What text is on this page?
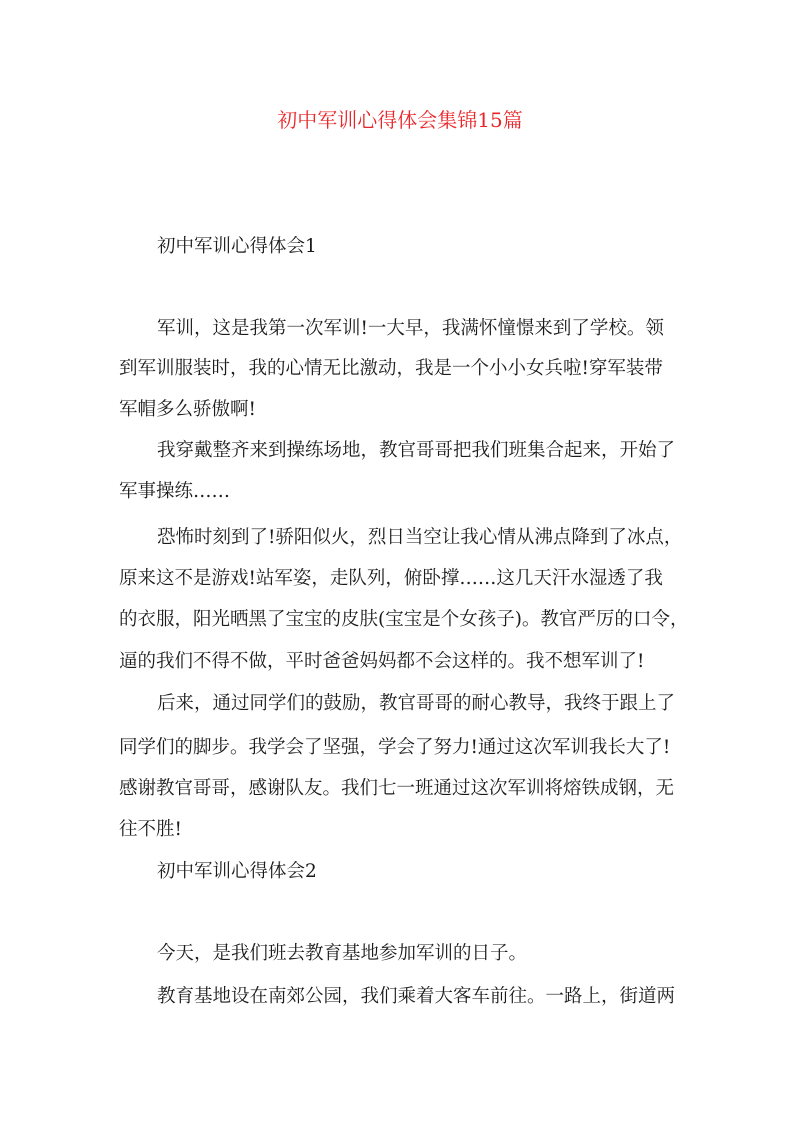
初中军训心得体会集锦15篇

初中军训心得体会1

军训，这是我第一次军训!一大早，我满怀憧憬来到了学校。领

到军训服装时，我的心情无比激动，我是一个小小女兵啦!穿军装带

军帽多么骄傲啊!

我穿戴整齐来到操练场地，教官哥哥把我们班集合起来，开始了

军事操练……

恐怖时刻到了!骄阳似火，烈日当空让我心情从沸点降到了冰点，

原来这不是游戏!站军姿，走队列，俯卧撑……这几天汗水湿透了我

的衣服，阳光晒黑了宝宝的皮肤(宝宝是个女孩子)。教官严厉的口令，

逼的我们不得不做，平时爸爸妈妈都不会这样的。我不想军训了!

后来，通过同学们的鼓励，教官哥哥的耐心教导，我终于跟上了

同学们的脚步。我学会了坚强，学会了努力!通过这次军训我长大了!

感谢教官哥哥，感谢队友。我们七一班通过这次军训将熔铁成钢，无

往不胜!

初中军训心得体会2

今天，是我们班去教育基地参加军训的日子。

教育基地设在南郊公园，我们乘着大客车前往。一路上，街道两
